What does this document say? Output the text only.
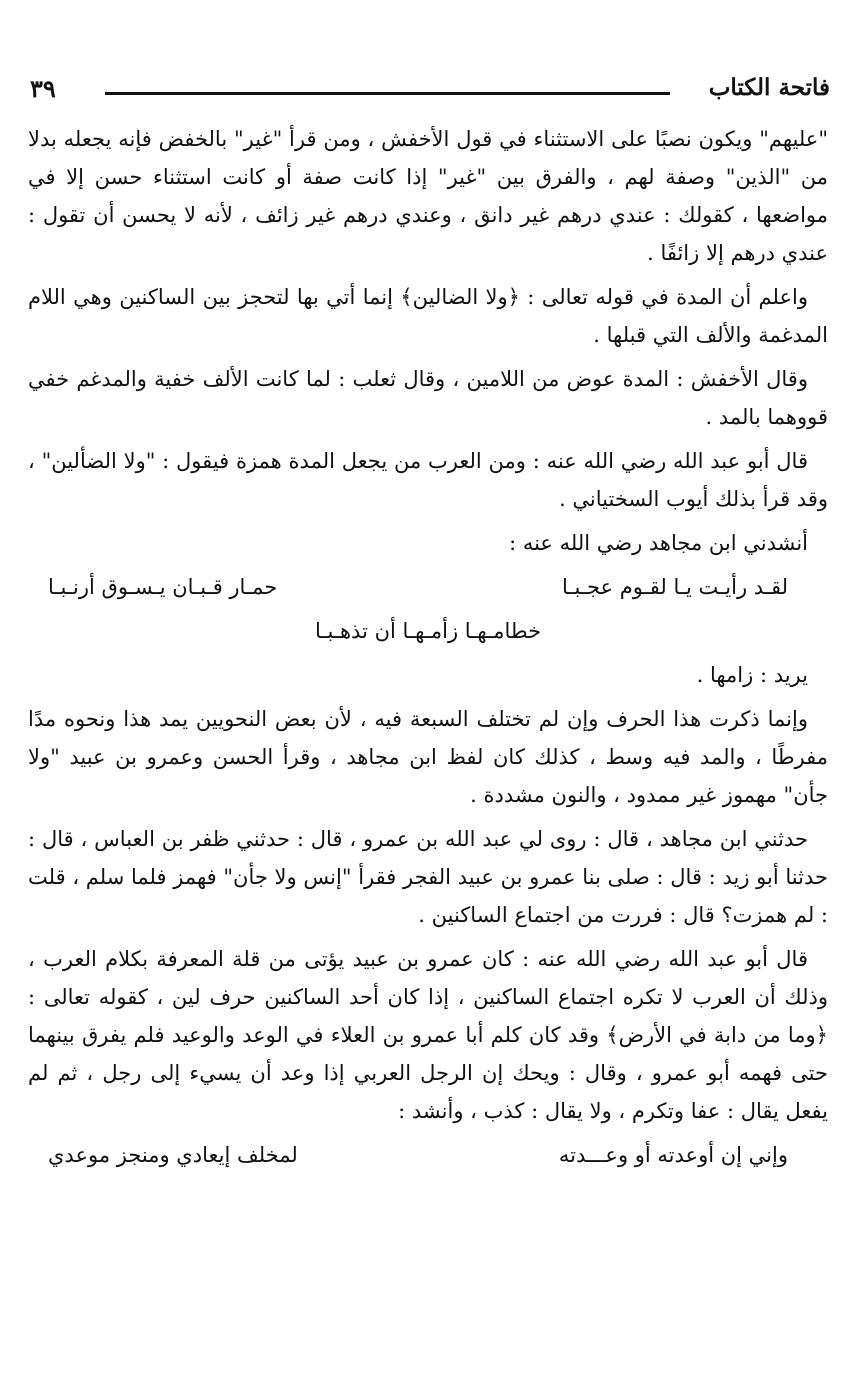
فاتحة الكتاب
٣٩

"عليهم" ويكون نصبًا على الاستثناء في قول الأخفش ، ومن قرأ "غير" بالخفض فإنه يجعله بدلا من "الذين" وصفة لهم ، والفرق بين "غير" إذا كانت صفة أو كانت استثناء حسن إلا في مواضعها ، كقولك : عندي درهم غير دانق ، وعندي درهم غير زائف ، لأنه لا يحسن أن تقول : عندي درهم إلا زائفًا .

واعلم أن المدة في قوله تعالى : ﴿ولا الضالين﴾ إنما أتي بها لتحجز بين الساكنين وهي اللام المدغمة والألف التي قبلها .

وقال الأخفش : المدة عوض من اللامين ، وقال ثعلب : لما كانت الألف خفية والمدغم خفي قووهما بالمد .

قال أبو عبد الله رضي الله عنه : ومن العرب من يجعل المدة همزة فيقول : "ولا الضألين" ، وقد قرأ بذلك أيوب السختياني .

أنشدني ابن مجاهد رضي الله عنه :

لقـد رأيـت يـا لقـوم عجـبـا
حمـار قـبـان يـسـوق أرنـبـا
خطامـهـا زأمـهـا أن تذهـبـا

يريد : زامها .

وإنما ذكرت هذا الحرف وإن لم تختلف السبعة فيه ، لأن بعض النحويين يمد هذا ونحوه مدًا مفرطًا ، والمد فيه وسط ، كذلك كان لفظ ابن مجاهد ، وقرأ الحسن وعمرو بن عبيد "ولا جأن" مهموز غير ممدود ، والنون مشددة .

حدثني ابن مجاهد ، قال : روى لي عبد الله بن عمرو ، قال : حدثني ظفر بن العباس ، قال : حدثنا أبو زيد : قال : صلى بنا عمرو بن عبيد الفجر فقرأ "إنس ولا جأن" فهمز فلما سلم ، قلت : لم همزت؟ قال : فررت من اجتماع الساكنين .

قال أبو عبد الله رضي الله عنه : كان عمرو بن عبيد يؤتى من قلة المعرفة بكلام العرب ، وذلك أن العرب لا تكره اجتماع الساكنين ، إذا كان أحد الساكنين حرف لين ، كقوله تعالى : ﴿وما من دابة في الأرض﴾ وقد كان كلم أبا عمرو بن العلاء في الوعد والوعيد فلم يفرق بينهما حتى فهمه أبو عمرو ، وقال : ويحك إن الرجل العربي إذا وعد أن يسيء إلى رجل ، ثم لم يفعل يقال : عفا وتكرم ، ولا يقال : كذب ، وأنشد :

وإني إن أوعدته أو وعـــدته
لمخلف إيعادي ومنجز موعدي
